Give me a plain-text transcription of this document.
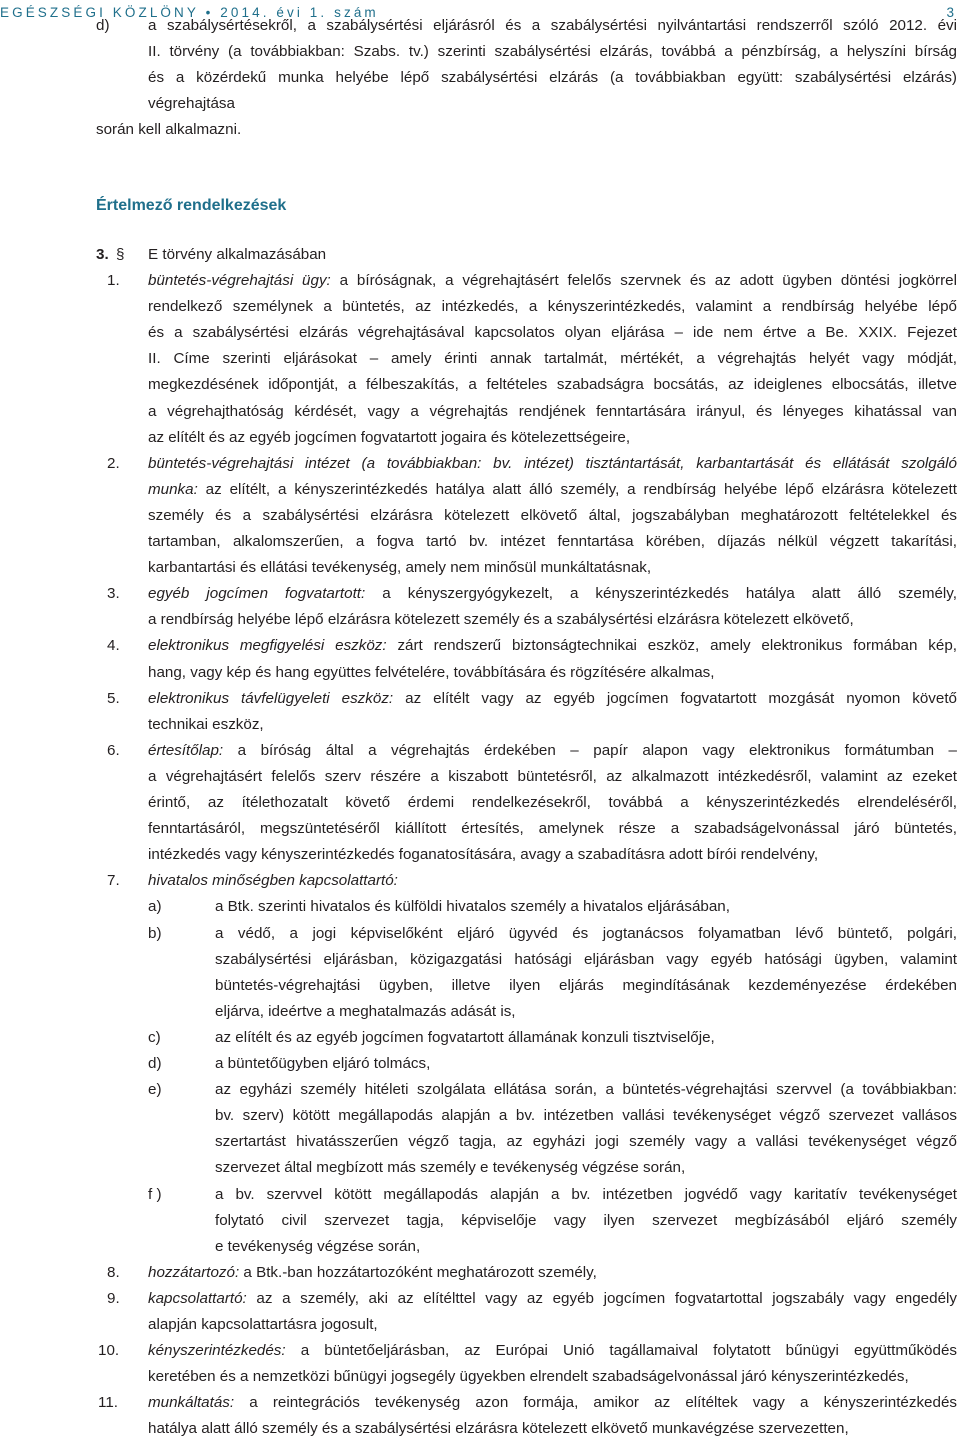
EGÉSZSÉGI KÖZLÖNY • 2014. évi 1. szám	3
d)	a szabálysértésekről, a szabálysértési eljárásról és a szabálysértési nyilvántartási rendszerről szóló 2012. évi
II. törvény (a továbbiakban: Szabs. tv.) szerinti szabálysértési elzárás, továbbá a pénzbírság, a helyszíni bírság
és a közérdekű munka helyébe lépő szabálysértési elzárás (a továbbiakban együtt: szabálysértési elzárás)
végrehajtása
során kell alkalmazni.
Értelmező rendelkezések
3. § E törvény alkalmazásában
1. büntetés-végrehajtási ügy: a bíróságnak, a végrehajtásért felelős szervnek és az adott ügyben döntési jogkörrel
rendelkező személynek a büntetés, az intézkedés, a kényszerintézkedés, valamint a rendbírság helyébe lépő
és a szabálysértési elzárás végrehajtásával kapcsolatos olyan eljárása – ide nem értve a Be. XXIX. Fejezet
II. Címe szerinti eljárásokat – amely érinti annak tartalmát, mértékét, a végrehajtás helyét vagy módját,
megkezdésének időpontját, a félbeszakítás, a feltételes szabadságra bocsátás, az ideiglenes elbocsátás, illetve
a végrehajthatóság kérdését, vagy a végrehajtás rendjének fenntartására irányul, és lényeges kihatással van
az elítélt és az egyéb jogcímen fogvatartott jogaira és kötelezettségeire,
2. büntetés-végrehajtási intézet (a továbbiakban: bv. intézet) tisztántartását, karbantartását és ellátását szolgáló
munka: az elítélt, a kényszerintézkedés hatálya alatt álló személy, a rendbírság helyébe lépő elzárásra kötelezett
személy és a szabálysértési elzárásra kötelezett elkövető által, jogszabályban meghatározott feltételekkel és
tartamban, alkalomszerűen, a fogva tartó bv. intézet fenntartása körében, díjazás nélkül végzett takarítási,
karbantartási és ellátási tevékenység, amely nem minősül munkáltatásnak,
3. egyéb jogcímen fogvatartott: a kényszergyógykezelt, a kényszerintézkedés hatálya alatt álló személy,
a rendbírság helyébe lépő elzárásra kötelezett személy és a szabálysértési elzárásra kötelezett elkövető,
4. elektronikus megfigyelési eszköz: zárt rendszerű biztonságtechnikai eszköz, amely elektronikus formában kép,
hang, vagy kép és hang együttes felvételére, továbbítására és rögzítésére alkalmas,
5. elektronikus távfelügyeleti eszköz: az elítélt vagy az egyéb jogcímen fogvatartott mozgását nyomon követő
technikai eszköz,
6. értesítőlap: a bíróság által a végrehajtás érdekében – papír alapon vagy elektronikus formátumban –
a végrehajtásért felelős szerv részére a kiszabott büntetésről, az alkalmazott intézkedésről, valamint az ezeket
érintő, az ítélethozatalt követő érdemi rendelkezésekről, továbbá a kényszerintézkedés elrendeléséről,
fenntartásáról, megszüntetéséről kiállított értesítés, amelynek része a szabadságelvonással járó büntetés,
intézkedés vagy kényszerintézkedés foganatosítására, avagy a szabadításra adott bírói rendelvény,
7. hivatalos minőségben kapcsolattartó:
a)	a Btk. szerinti hivatalos és külföldi hivatalos személy a hivatalos eljárásában,
b)	a védő, a jogi képviselőként eljáró ügyvéd és jogtanácsos folyamatban lévő büntető, polgári,
szabálysértési eljárásban, közigazgatási hatósági eljárásban vagy egyéb hatósági ügyben, valamint
büntetés-végrehajtási ügyben, illetve ilyen eljárás megindításának kezdeményezése érdekében
eljárva, ideértve a meghatalmazás adását is,
c)	az elítélt és az egyéb jogcímen fogvatartott államának konzuli tisztviselője,
d)	a büntetőügyben eljáró tolmács,
e)	az egyházi személy hitéleti szolgálata ellátása során, a büntetés-végrehajtási szervvel (a továbbiakban:
bv. szerv) kötött megállapodás alapján a bv. intézetben vallási tevékenységet végző szervezet vallásos
szertartást hivatásszerűen végző tagja, az egyházi jogi személy vagy a vallási tevékenységet végző
szervezet által megbízott más személy e tevékenység végzése során,
f )	a bv. szervvel kötött megállapodás alapján a bv. intézetben jogvédő vagy karitatív tevékenységet
folytató civil szervezet tagja, képviselője vagy ilyen szervezet megbízásából eljáró személy
e tevékenység végzése során,
8. hozzátartozó: a Btk.-ban hozzátartozóként meghatározott személy,
9. kapcsolattartó: az a személy, aki az elítélttel vagy az egyéb jogcímen fogvatartottal jogszabály vagy engedély
alapján kapcsolattartásra jogosult,
10. kényszerintézkedés: a büntetőeljárásban, az Európai Unió tagállamaival folytatott bűnügyi együttműködés
keretében és a nemzetközi bűnügyi jogsegély ügyekben elrendelt szabadságelvonással járó kényszerintézkedés,
11. munkáltatás: a reintegrációs tevékenység azon formája, amikor az elítéltek vagy a kényszerintézkedés
hatálya alatt álló személy és a szabálysértési elzárásra kötelezett elkövető munkavégzése szervezetten,
